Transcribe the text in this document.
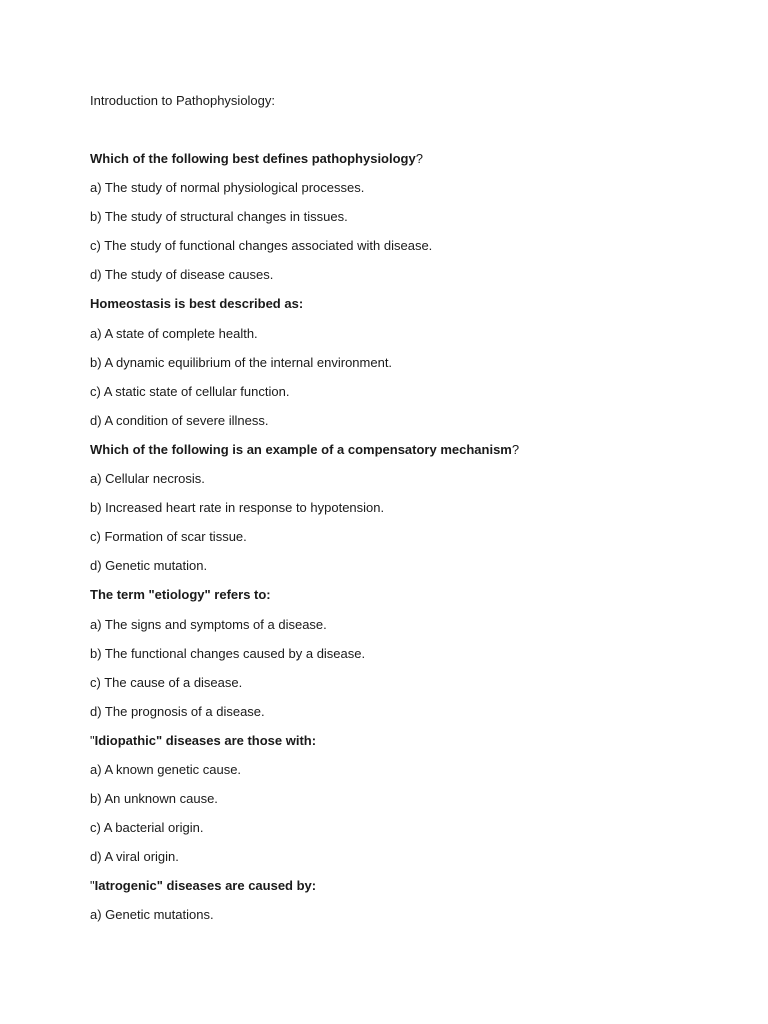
Introduction to Pathophysiology:
Which of the following best defines pathophysiology?
a) The study of normal physiological processes.
b) The study of structural changes in tissues.
c) The study of functional changes associated with disease.
d) The study of disease causes.
Homeostasis is best described as:
a) A state of complete health.
b) A dynamic equilibrium of the internal environment.
c) A static state of cellular function.
d) A condition of severe illness.
Which of the following is an example of a compensatory mechanism?
a) Cellular necrosis.
b) Increased heart rate in response to hypotension.
c) Formation of scar tissue.
d) Genetic mutation.
The term "etiology" refers to:
a) The signs and symptoms of a disease.
b) The functional changes caused by a disease.
c) The cause of a disease.
d) The prognosis of a disease.
"Idiopathic" diseases are those with:
a) A known genetic cause.
b) An unknown cause.
c) A bacterial origin.
d) A viral origin.
"Iatrogenic" diseases are caused by:
a) Genetic mutations.
